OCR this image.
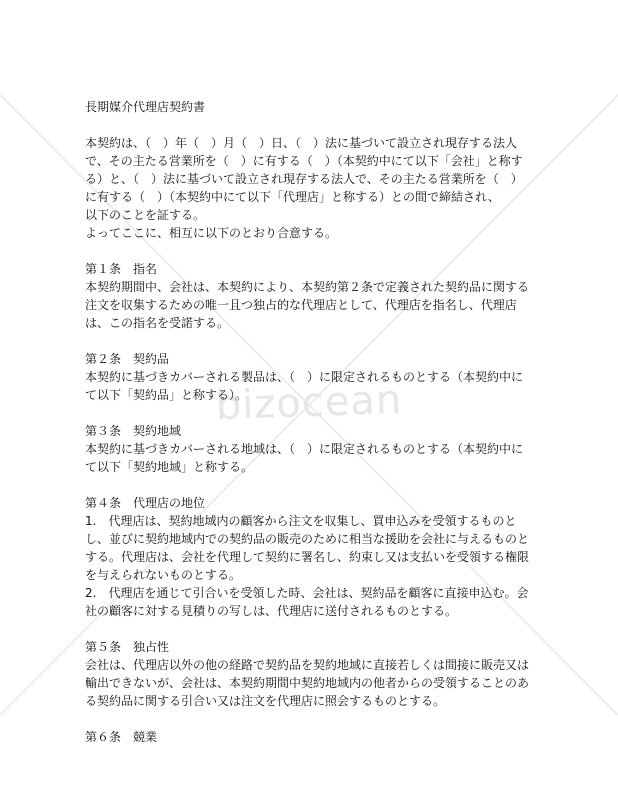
bizocean
長期媒介代理店契約書

本契約は、（　）年（　）月（　）日、（　）法に基づいて設立され現存する法人で、その主たる営業所を（　）に有する（　）（本契約中にて以下「会社」と称する）と、（　）法に基づいて設立され現存する法人で、その主たる営業所を（　）に有する（　）（本契約中にて以下「代理店」と称する）との間で締結され、

以下のことを証する。

よってここに、相互に以下のとおり合意する。

第１条　指名

本契約期間中、会社は、本契約により、本契約第２条で定義された契約品に関する注文を収集するための唯一且つ独占的な代理店として、代理店を指名し、代理店は、この指名を受諾する。

第２条　契約品

本契約に基づきカバーされる製品は、（　）に限定されるものとする（本契約中にて以下「契約品」と称する）。

第３条　契約地域

本契約に基づきカバーされる地域は、（　）に限定されるものとする（本契約中にて以下「契約地域」と称する。

第４条　代理店の地位

1.　代理店は、契約地域内の顧客から注文を収集し、買申込みを受領するものとし、並びに契約地域内での契約品の販売のために相当な援助を会社に与えるものとする。代理店は、会社を代理して契約に署名し、約束し又は支払いを受領する権限を与えられないものとする。

2.　代理店を通じて引合いを受領した時、会社は、契約品を顧客に直接申込む。会社の顧客に対する見積りの写しは、代理店に送付されるものとする。

第５条　独占性

会社は、代理店以外の他の経路で契約品を契約地域に直接若しくは間接に販売又は輸出できないが、会社は、本契約期間中契約地域内の他者からの受領することのある契約品に関する引合い又は注文を代理店に照会するものとする。

第６条　競業
